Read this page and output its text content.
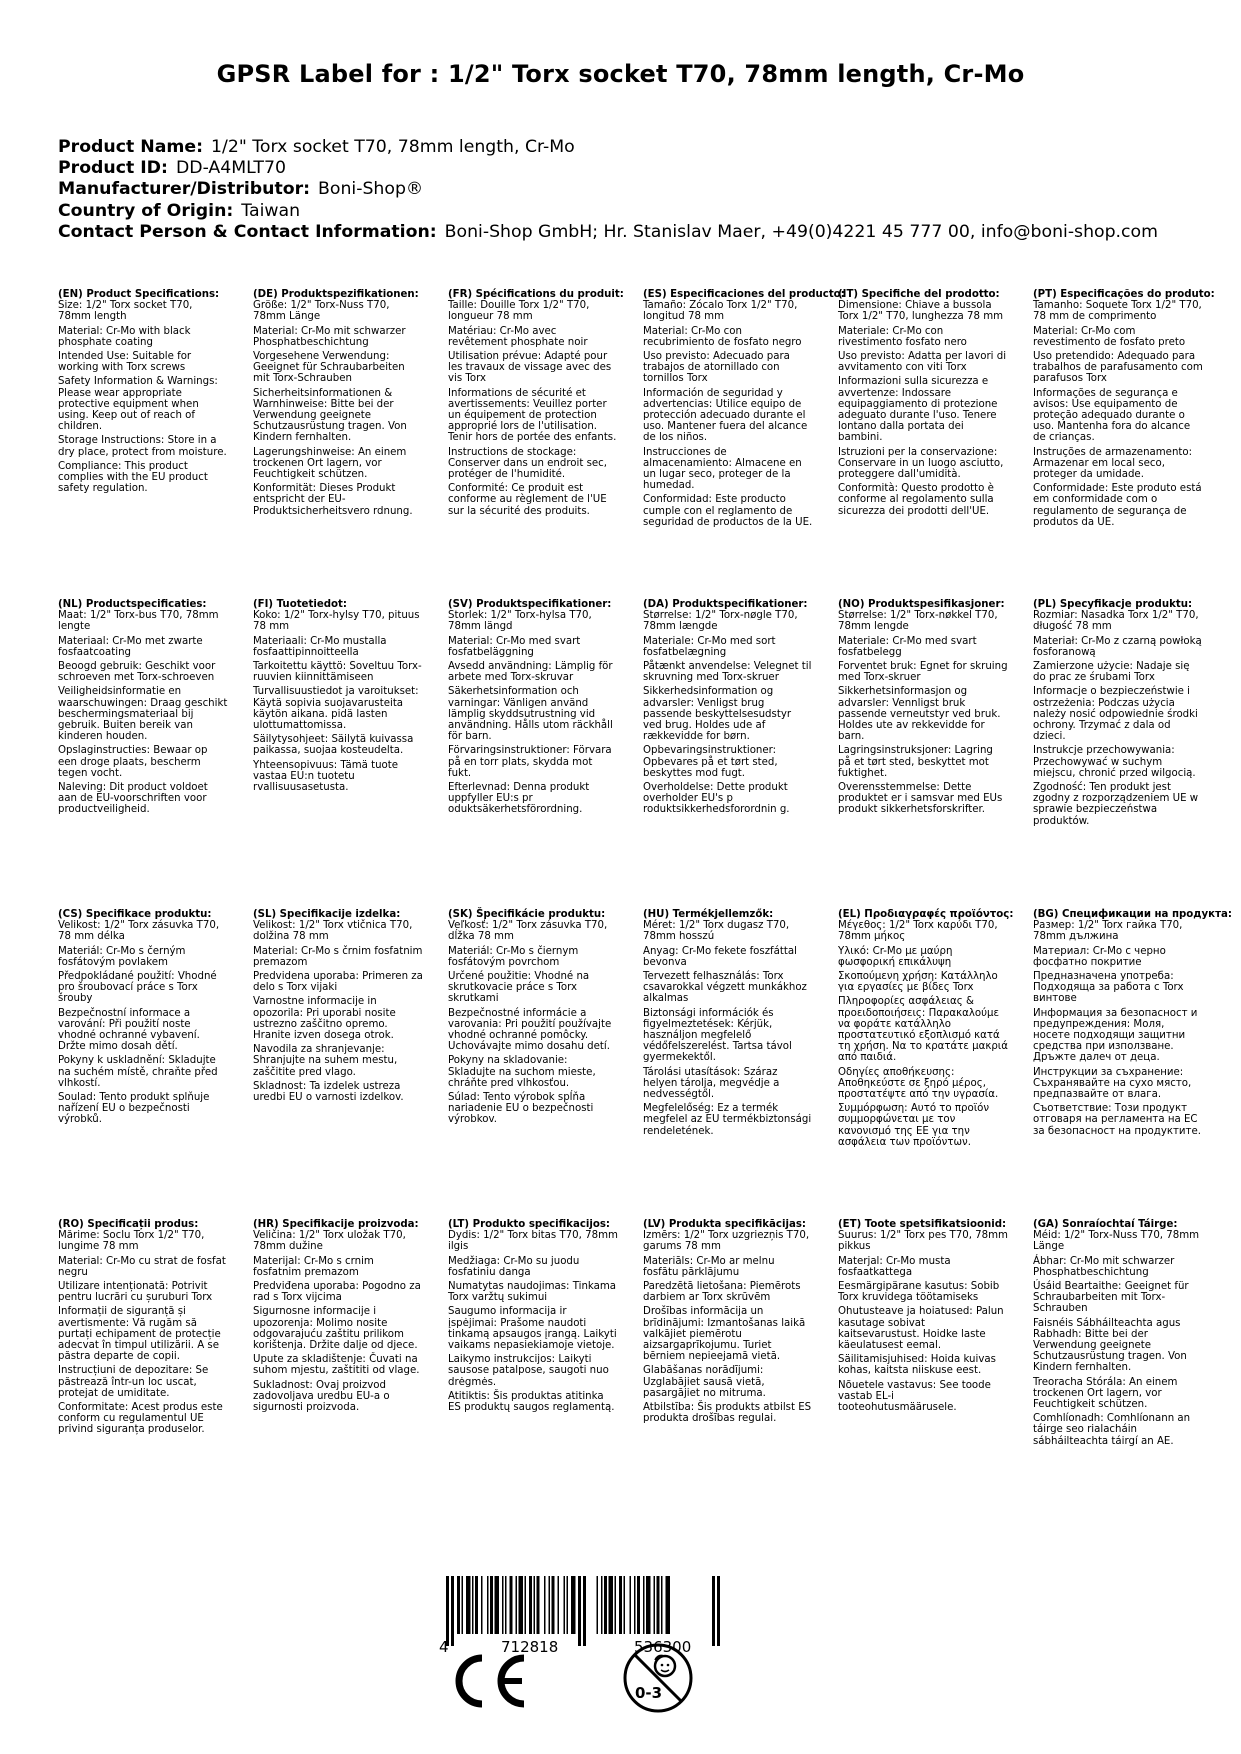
GPSR Label for : 1/2" Torx socket T70, 78mm length, Cr-Mo
Product Name: 1/2" Torx socket T70, 78mm length, Cr-Mo
Product ID: DD-A4MLT70
Manufacturer/Distributor: Boni-Shop®
Country of Origin: Taiwan
Contact Person & Contact Information: Boni-Shop GmbH; Hr. Stanislav Maer, +49(0)4221 45 777 00, info@boni-shop.com
(EN) Product Specifications:

Size: 1/2" Torx socket T70, 78mm length

Material: Cr-Mo with black phosphate coating

Intended Use: Suitable for working with Torx screws

Safety Information & Warnings: Please wear appropriate protective equipment when using. Keep out of reach of children.

Storage Instructions: Store in a dry place, protect from moisture.

Compliance: This product complies with the EU product safety regulation.

(DE) Produktspezifikationen:

Größe: 1/2" Torx-Nuss T70, 78mm Länge

Material: Cr-Mo mit schwarzer Phosphatbeschichtung

Vorgesehene Verwendung: Geeignet für Schraubarbeiten mit Torx-Schrauben

Sicherheitsinformationen & Warnhinweise: Bitte bei der Verwendung geeignete Schutzausrüstung tragen. Von Kindern fernhalten.

Lagerungshinweise: An einem trockenen Ort lagern, vor Feuchtigkeit schützen.

Konformität: Dieses Produkt entspricht der EU-Produktsicherheitsvero rdnung.

(FR) Spécifications du produit:

Taille: Douille Torx 1/2" T70, longueur 78 mm

Matériau: Cr-Mo avec revêtement phosphate noir

Utilisation prévue: Adapté pour les travaux de vissage avec des vis Torx

Informations de sécurité et avertissements: Veuillez porter un équipement de protection approprié lors de l'utilisation. Tenir hors de portée des enfants.

Instructions de stockage: Conserver dans un endroit sec, protéger de l'humidité.

Conformité: Ce produit est conforme au règlement de l'UE sur la sécurité des produits.

(ES) Especificaciones del producto:

Tamaño: Zócalo Torx 1/2" T70, longitud 78 mm

Material: Cr-Mo con recubrimiento de fosfato negro

Uso previsto: Adecuado para trabajos de atornillado con tornillos Torx

Información de seguridad y advertencias: Utilice equipo de protección adecuado durante el uso. Mantener fuera del alcance de los niños.

Instrucciones de almacenamiento: Almacene en un lugar seco, proteger de la humedad.

Conformidad: Este producto cumple con el reglamento de seguridad de productos de la UE.

(IT) Specifiche del prodotto:

Dimensione: Chiave a bussola Torx 1/2" T70, lunghezza 78 mm

Materiale: Cr-Mo con rivestimento fosfato nero

Uso previsto: Adatta per lavori di avvitamento con viti Torx

Informazioni sulla sicurezza e avvertenze: Indossare equipaggiamento di protezione adeguato durante l'uso. Tenere lontano dalla portata dei bambini.

Istruzioni per la conservazione: Conservare in un luogo asciutto, proteggere dall'umidità.

Conformità: Questo prodotto è conforme al regolamento sulla sicurezza dei prodotti dell'UE.

(PT) Especificações do produto:

Tamanho: Soquete Torx 1/2" T70, 78 mm de comprimento

Material: Cr-Mo com revestimento de fosfato preto

Uso pretendido: Adequado para trabalhos de parafusamento com parafusos Torx

Informações de segurança e avisos: Use equipamento de proteção adequado durante o uso. Mantenha fora do alcance de crianças.

Instruções de armazenamento: Armazenar em local seco, proteger da umidade.

Conformidade: Este produto está em conformidade com o regulamento de segurança de produtos da UE.

(NL) Productspecificaties:

Maat: 1/2" Torx-bus T70, 78mm lengte

Materiaal: Cr-Mo met zwarte fosfaatcoating

Beoogd gebruik: Geschikt voor schroeven met Torx-schroeven

Veiligheidsinformatie en waarschuwingen: Draag geschikt beschermingsmateriaal bij gebruik. Buiten bereik van kinderen houden.

Opslaginstructies: Bewaar op een droge plaats, bescherm tegen vocht.

Naleving: Dit product voldoet aan de EU-voorschriften voor productveiligheid.

(FI) Tuotetiedot:

Koko: 1/2" Torx-hylsy T70, pituus 78 mm

Materiaali: Cr-Mo mustalla fosfaattipinnoitteella

Tarkoitettu käyttö: Soveltuu Torx-ruuvien kiinnittämiseen

Turvallisuustiedot ja varoitukset: Käytä sopivia suojavarusteita käytön aikana. pidä lasten ulottumattomissa.

Säilytysohjeet: Säilytä kuivassa paikassa, suojaa kosteudelta.

Yhteensopivuus: Tämä tuote vastaa EU:n tuotetu rvallisuusasetusta.

(SV) Produktspecifikationer:

Storlek: 1/2" Torx-hylsa T70, 78mm längd

Material: Cr-Mo med svart fosfatbeläggning

Avsedd användning: Lämplig för arbete med Torx-skruvar

Säkerhetsinformation och varningar: Vänligen använd lämplig skyddsutrustning vid användning. Hålls utom räckhåll för barn.

Förvaringsinstruktioner: Förvara på en torr plats, skydda mot fukt.

Efterlevnad: Denna produkt uppfyller EU:s pr oduktsäkerhetsförordning.

(DA) Produktspecifikationer:

Størrelse: 1/2" Torx-nøgle T70, 78mm længde

Materiale: Cr-Mo med sort fosfatbelægning

Påtænkt anvendelse: Velegnet til skruvning med Torx-skruer

Sikkerhedsinformation og advarsler: Venligst brug passende beskyttelsesudstyr ved brug. Holdes ude af rækkevidde for børn.

Opbevaringsinstruktioner: Opbevares på et tørt sted, beskyttes mod fugt.

Overholdelse: Dette produkt overholder EU's p roduktsikkerhedsforordnin g.

(NO) Produktspesifikasjoner:

Størrelse: 1/2" Torx-nøkkel T70, 78mm lengde

Materiale: Cr-Mo med svart fosfatbelegg

Forventet bruk: Egnet for skruing med Torx-skruer

Sikkerhetsinformasjon og advarsler: Vennligst bruk passende verneutstyr ved bruk. Holdes ute av rekkevidde for barn.

Lagringsinstruksjoner: Lagring på et tørt sted, beskyttet mot fuktighet.

Overensstemmelse: Dette produktet er i samsvar med EUs produkt sikkerhetsforskrifter.

(PL) Specyfikacje produktu:

Rozmiar: Nasadka Torx 1/2" T70, długość 78 mm

Materiał: Cr-Mo z czarną powłoką fosforanową

Zamierzone użycie: Nadaje się do prac ze śrubami Torx

Informacje o bezpieczeństwie i ostrzeżenia: Podczas użycia należy nosić odpowiednie środki ochrony. Trzymać z dala od dzieci.

Instrukcje przechowywania: Przechowywać w suchym miejscu, chronić przed wilgocią.

Zgodność: Ten produkt jest zgodny z rozporządzeniem UE w sprawie bezpieczeństwa produktów.

(CS) Specifikace produktu:

Velikost: 1/2" Torx zásuvka T70, 78 mm délka

Materiál: Cr-Mo s černým fosfátovým povlakem

Předpokládané použití: Vhodné pro šroubovací práce s Torx šrouby

Bezpečnostní informace a varování: Při použití noste vhodné ochranné vybavení. Držte mimo dosah dětí.

Pokyny k uskladnění: Skladujte na suchém místě, chraňte před vlhkostí.

Soulad: Tento produkt splňuje nařízení EU o bezpečnosti výrobků.

(SL) Specifikacije izdelka:

Velikost: 1/2" Torx vtičnica T70, dolžina 78 mm

Material: Cr-Mo s črnim fosfatnim premazom

Predvidena uporaba: Primeren za delo s Torx vijaki

Varnostne informacije in opozorila: Pri uporabi nosite ustrezno zaščitno opremo. Hranite izven dosega otrok.

Navodila za shranjevanje: Shranjujte na suhem mestu, zaščitite pred vlago.

Skladnost: Ta izdelek ustreza uredbi EU o varnosti izdelkov.

(SK) Špecifikácie produktu:

Veľkosť: 1/2" Torx zásuvka T70, dĺžka 78 mm

Materiál: Cr-Mo s čiernym fosfátovým povrchom

Určené použitie: Vhodné na skrutkovacie práce s Torx skrutkami

Bezpečnostné informácie a varovania: Pri použití používajte vhodné ochranné pomôcky. Uchovávajte mimo dosahu detí.

Pokyny na skladovanie: Skladujte na suchom mieste, chráňte pred vlhkosťou.

Súlad: Tento výrobok spĺňa nariadenie EU o bezpečnosti výrobkov.

(HU) Termékjellemzők:

Méret: 1/2" Torx dugasz T70, 78mm hosszú

Anyag: Cr-Mo fekete foszfáttal bevonva

Tervezett felhasználás: Torx csavarokkal végzett munkákhoz alkalmas

Biztonsági információk és figyelmeztetések: Kérjük, használjon megfelelő védőfelszerelést. Tartsa távol gyermekektől.

Tárolási utasítások: Száraz helyen tárolja, megvédje a nedvességtől.

Megfelelőség: Ez a termék megfelel az EU termékbiztonsági rendeletének.

(EL) Προδιαγραφές προϊόντος:

Μέγεθος: 1/2" Torx καρύδι T70, 78mm μήκος

Υλικό: Cr-Mo με μαύρη φωσφορική επικάλυψη

Σκοπούμενη χρήση: Κατάλληλο για εργασίες με βίδες Torx

Πληροφορίες ασφάλειας & προειδοποιήσεις: Παρακαλούμε να φοράτε κατάλληλο προστατευτικό εξοπλισμό κατά τη χρήση. Να το κρατάτε μακριά από παιδιά.

Οδηγίες αποθήκευσης: Αποθηκεύστε σε ξηρό μέρος, προστατέψτε από την υγρασία.

Συμμόρφωση: Αυτό το προϊόν συμμορφώνεται με τον κανονισμό της ΕΕ για την ασφάλεια των προϊόντων.

(BG) Спецификации на продукта:

Размер: 1/2" Torx гайка T70, 78mm дължина

Материал: Cr-Mo с черно фосфатно покритие

Предназначена употреба: Подходяща за работа с Torx винтове

Информация за безопасност и предупреждения: Моля, носете подходящи защитни средства при използване. Дръжте далеч от деца.

Инструкции за съхранение: Съхранявайте на сухо място, предпазвайте от влага.

Съответствие: Този продукт отговаря на регламента на ЕС за безопасност на продуктите.

(RO) Specificații produs:

Mărime: Soclu Torx 1/2" T70, lungime 78 mm

Material: Cr-Mo cu strat de fosfat negru

Utilizare intenționată: Potrivit pentru lucrări cu șuruburi Torx

Informații de siguranță și avertismente: Vă rugăm să purtați echipament de protecție adecvat în timpul utilizării. A se păstra departe de copii.

Instrucțiuni de depozitare: Se păstrează într-un loc uscat, protejat de umiditate.

Conformitate: Acest produs este conform cu regulamentul UE privind siguranța produselor.

(HR) Specifikacije proizvoda:

Veličina: 1/2" Torx uložak T70, 78mm dužine

Materijal: Cr-Mo s crnim fosfatnim premazom

Predviđena uporaba: Pogodno za rad s Torx vijcima

Sigurnosne informacije i upozorenja: Molimo nosite odgovarajuću zaštitu prilikom korištenja. Držite dalje od djece.

Upute za skladištenje: Čuvati na suhom mjestu, zaštititi od vlage.

Sukladnost: Ovaj proizvod zadovoljava uredbu EU-a o sigurnosti proizvoda.

(LT) Produkto specifikacijos:

Dydis: 1/2" Torx bitas T70, 78mm ilgis

Medžiaga: Cr-Mo su juodu fosfatiniu danga

Numatytas naudojimas: Tinkama Torx varžtų sukimui

Saugumo informacija ir įspėjimai: Prašome naudoti tinkamą apsaugos įrangą. Laikyti vaikams nepasiekiamoje vietoje.

Laikymo instrukcijos: Laikyti sausose patalpose, saugoti nuo drėgmės.

Atitiktis: Šis produktas atitinka ES produktų saugos reglamentą.

(LV) Produkta specifikācijas:

Izmērs: 1/2" Torx uzgriezņis T70, garums 78 mm

Materiāls: Cr-Mo ar melnu fosfātu pārklājumu

Paredzētā lietošana: Piemērots darbiem ar Torx skrūvēm

Drošības informācija un brīdinājumi: Izmantošanas laikā valkājiet piemērotu aizsargaprīkojumu. Turiet bērniem nepieejamā vietā.

Glabāšanas norādījumi: Uzglabājiet sausā vietā, pasargājiet no mitruma.

Atbilstība: Šis produkts atbilst ES produkta drošības regulai.

(ET) Toote spetsifikatsioonid:

Suurus: 1/2" Torx pes T70, 78mm pikkus

Materjal: Cr-Mo musta fosfaatkattega

Eesmärgipärane kasutus: Sobib Torx kruvidega töötamiseks

Ohutusteave ja hoiatused: Palun kasutage sobivat kaitsevarustust. Hoidke laste käeulatusest eemal.

Säilitamisjuhised: Hoida kuivas kohas, kaitsta niiskuse eest.

Nõuetele vastavus: See toode vastab EL-i tooteohutusmäärusele.

(GA) Sonraíochtaí Táirge:

Méid: 1/2" Torx-Nuss T70, 78mm Länge

Ábhar: Cr-Mo mit schwarzer Phosphatbeschichtung

Úsáid Beartaithe: Geeignet für Schraubarbeiten mit Torx-Schrauben

Faisnéis Sábháilteachta agus Rabhadh: Bitte bei der Verwendung geeignete Schutzausrüstung tragen. Von Kindern fernhalten.

Treoracha Stórála: An einem trockenen Ort lagern, vor Feuchtigkeit schützen.

Comhlíonadh: Comhlíonann an táirge seo rialacháin sábháilteachta táirgí an AE.

4	712818	536300
0-3
